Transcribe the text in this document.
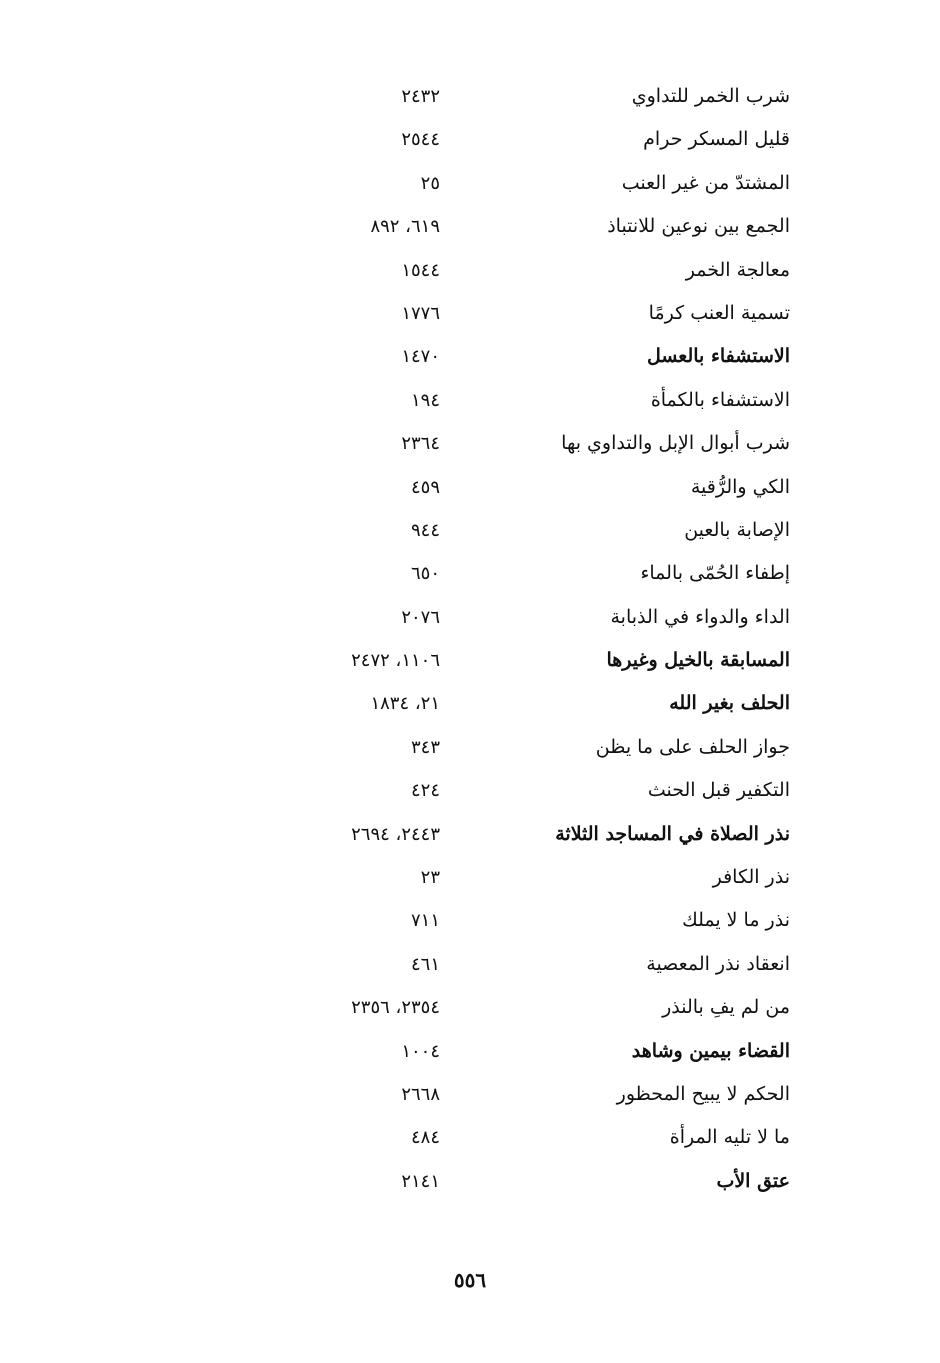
شرب الخمر للتداوي
٢٤٣٢
قليل المسكر حرام
٢٥٤٤
المشتدّ من غير العنب
٢٥
الجمع بين نوعين للانتباذ
٦١٩، ٨٩٢
معالجة الخمر
١٥٤٤
تسمية العنب كرمًا
١٧٧٦
الاستشفاء بالعسل
١٤٧٠
الاستشفاء بالكمأة
١٩٤
شرب أبوال الإبل والتداوي بها
٢٣٦٤
الكي والرُّقية
٤٥٩
الإصابة بالعين
٩٤٤
إطفاء الحُمّى بالماء
٦٥٠
الداء والدواء في الذبابة
٢٠٧٦
المسابقة بالخيل وغيرها
١١٠٦، ٢٤٧٢
الحلف بغير الله
٢١، ١٨٣٤
جواز الحلف على ما يظن
٣٤٣
التكفير قبل الحنث
٤٢٤
نذر الصلاة في المساجد الثلاثة
٢٤٤٣، ٢٦٩٤
نذر الكافر
٢٣
نذر ما لا يملك
٧١١
انعقاد نذر المعصية
٤٦١
من لم يفِ بالنذر
٢٣٥٤، ٢٣٥٦
القضاء بيمين وشاهد
١٠٠٤
الحكم لا يبيح المحظور
٢٦٦٨
ما لا تليه المرأة
٤٨٤
عتق الأب
٢١٤١
٥٥٦
